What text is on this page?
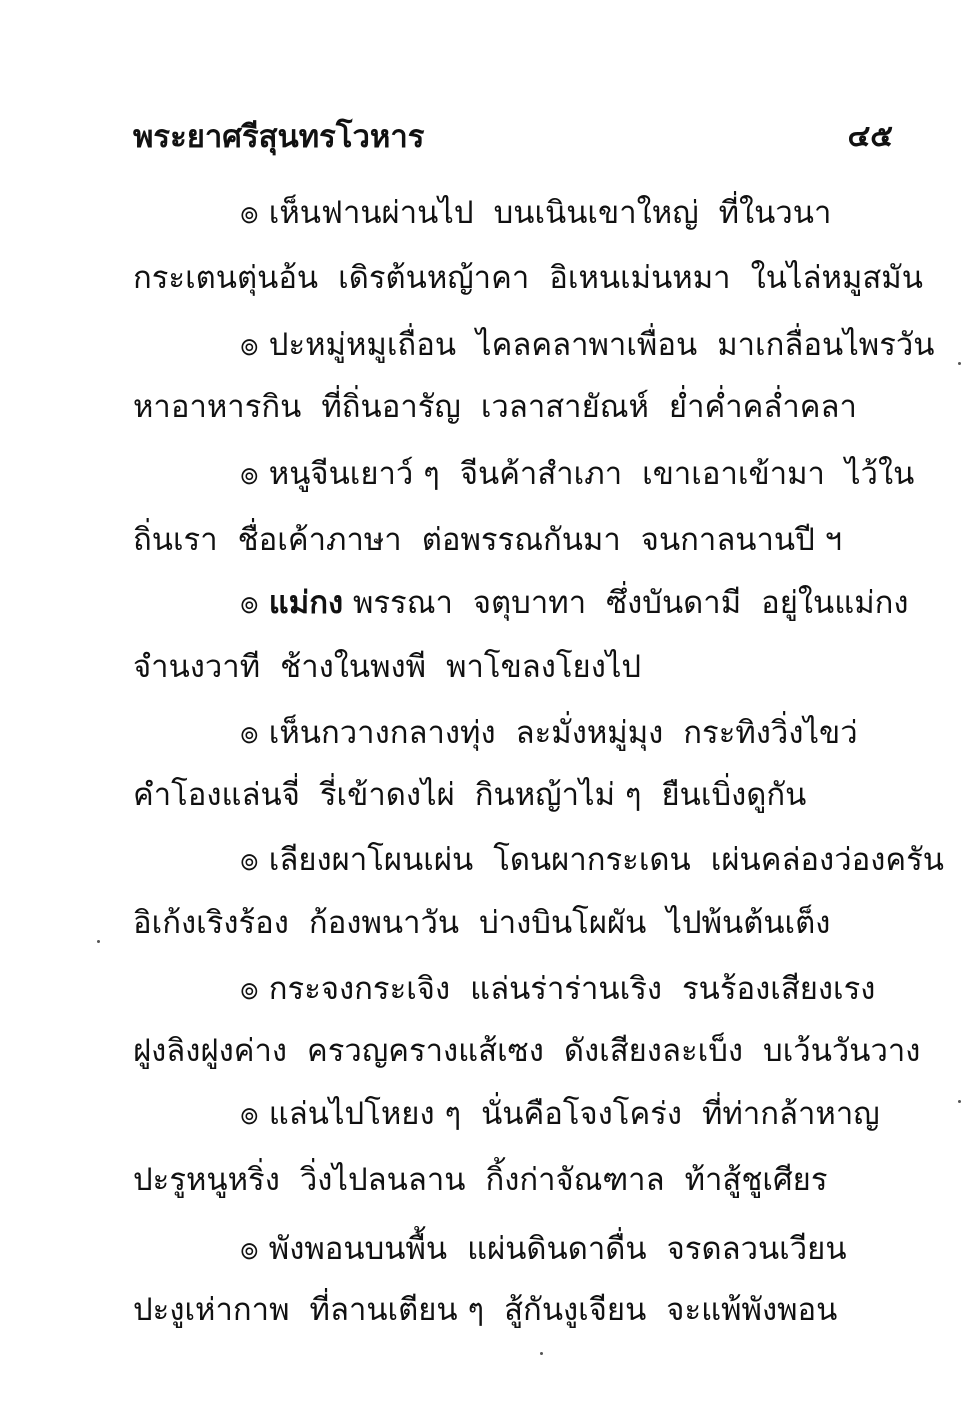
พระยาศรีสุนทรโวหาร	๔๕
๏ เห็นฟานผ่านไป บนเนินเขาใหญ่ ที่ในวนา
กระเตนตุ่นอ้น เดิรต้นหญ้าคา อิเหนเม่นหมา ในไล่หมูสมัน
๏ ปะหมู่หมูเถื่อน ไคลคลาพาเพื่อน มาเกลื่อนไพรวัน
หาอาหารกิน ที่ถิ่นอารัญ เวลาสายัณห์ ย่ำค่ำคล่ำคลา
๏ หนูจีนเยาว์ ๆ จีนค้าสำเภา เขาเอาเข้ามา ไว้ใน
ถิ่นเรา ชื่อเค้าภาษา ต่อพรรณกันมา จนกาลนานปี ฯ
๏ แม่กง พรรณา จตุบาทา ซึ่งบันดามี อยู่ในแม่กง
จำนงวาที ช้างในพงพี พาโขลงโยงไป
๏ เห็นกวางกลางทุ่ง ละมั่งหมู่มุง กระทิงวิ่งไขว่
คำโองแล่นจี่ รี่เข้าดงไผ่ กินหญ้าไม่ ๆ ยืนเบิ่งดูกัน
๏ เลียงผาโผนเผ่น โดนผากระเดน เผ่นคล่องว่องครัน
อิเก้งเริงร้อง ก้องพนาวัน บ่างบินโผผัน ไปพ้นต้นเต็ง
๏ กระจงกระเจิง แล่นร่าร่านเริง รนร้องเสียงเรง
ฝูงลิงฝูงค่าง ครวญครางแส้เซง ดังเสียงละเบ็ง บเว้นวันวาง
๏ แล่นไปโหยง ๆ นั่นคือโจงโคร่ง ที่ท่ากล้าหาญ
ปะรูหนูหริ่ง วิ่งไปลนลาน กิ้งก่าจัณฑาล ท้าสู้ชูเศียร
๏ พังพอนบนพื้น แผ่นดินดาดื่น จรดลวนเวียน
ปะงูเห่ากาพ ที่ลานเตียน ๆ สู้กันงูเจียน จะแพ้พังพอน
